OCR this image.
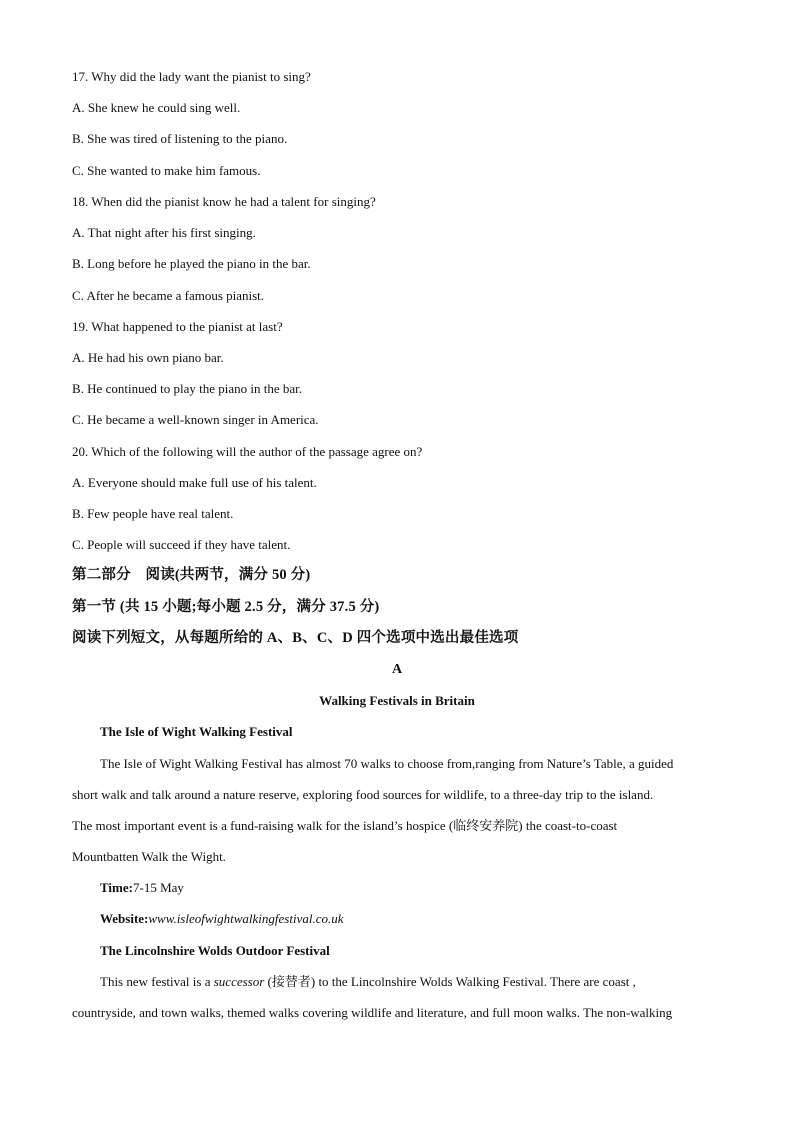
17. Why did the lady want the pianist to sing?
A. She knew he could sing well.
B. She was tired of listening to the piano.
C. She wanted to make him famous.
18. When did the pianist know he had a talent for singing?
A. That night after his first singing.
B. Long before he played the piano in the bar.
C. After he became a famous pianist.
19. What happened to the pianist at last?
A. He had his own piano bar.
B. He continued to play the piano in the bar.
C. He became a well-known singer in America.
20. Which of the following will the author of the passage agree on?
A. Everyone should make full use of his talent.
B. Few people have real talent.
C. People will succeed if they have talent.
第二部分　阅读(共两节，满分 50 分)
第一节 (共 15 小题;每小题 2.5 分，满分 37.5 分)
阅读下列短文，从每题所给的 A、B、C、D 四个选项中选出最佳选项
A
Walking Festivals in Britain
The Isle of Wight Walking Festival
The Isle of Wight Walking Festival has almost 70 walks to choose from,ranging from Nature’s Table, a guided
short walk and talk around a nature reserve, exploring food sources for wildlife, to a three-day trip to the island.
The most important event is a fund-raising walk for the island’s hospice (临终安养院) the coast-to-coast
Mountbatten Walk the Wight.
Time:7-15 May
Website:www.isleofwightwalkingfestival.co.uk
The Lincolnshire Wolds Outdoor Festival
This new festival is a successor (接替者) to the Lincolnshire Wolds Walking Festival. There are coast ,
countryside, and town walks, themed walks covering wildlife and literature, and full moon walks. The non-walking
